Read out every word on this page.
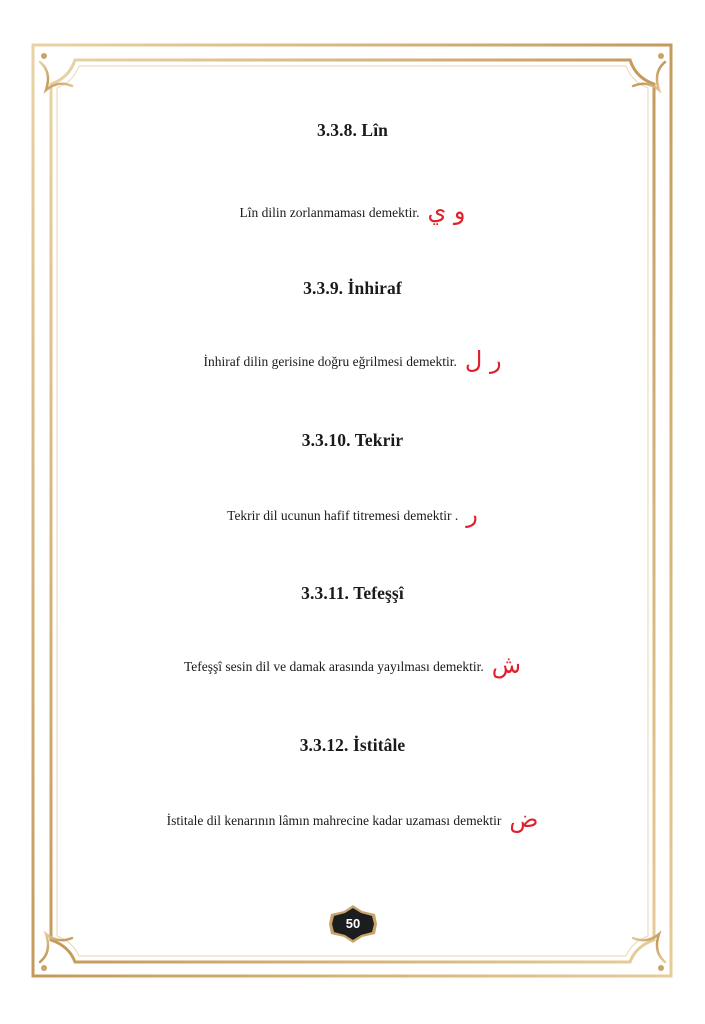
3.3.8. Lîn
Lîn dilin zorlanmaması demektir. و ي
3.3.9. İnhiraf
İnhiraf dilin gerisine doğru eğrilmesi demektir. ر ل
3.3.10. Tekrir
Tekrir dil ucunun hafif titremesi demektir . ر
3.3.11. Tefeşşî
Tefeşşî sesin dil ve damak arasında yayılması demektir. ش
3.3.12. İstitâle
İstitale dil kenarının lâmın mahrecine kadar uzaması demektir ض
50
